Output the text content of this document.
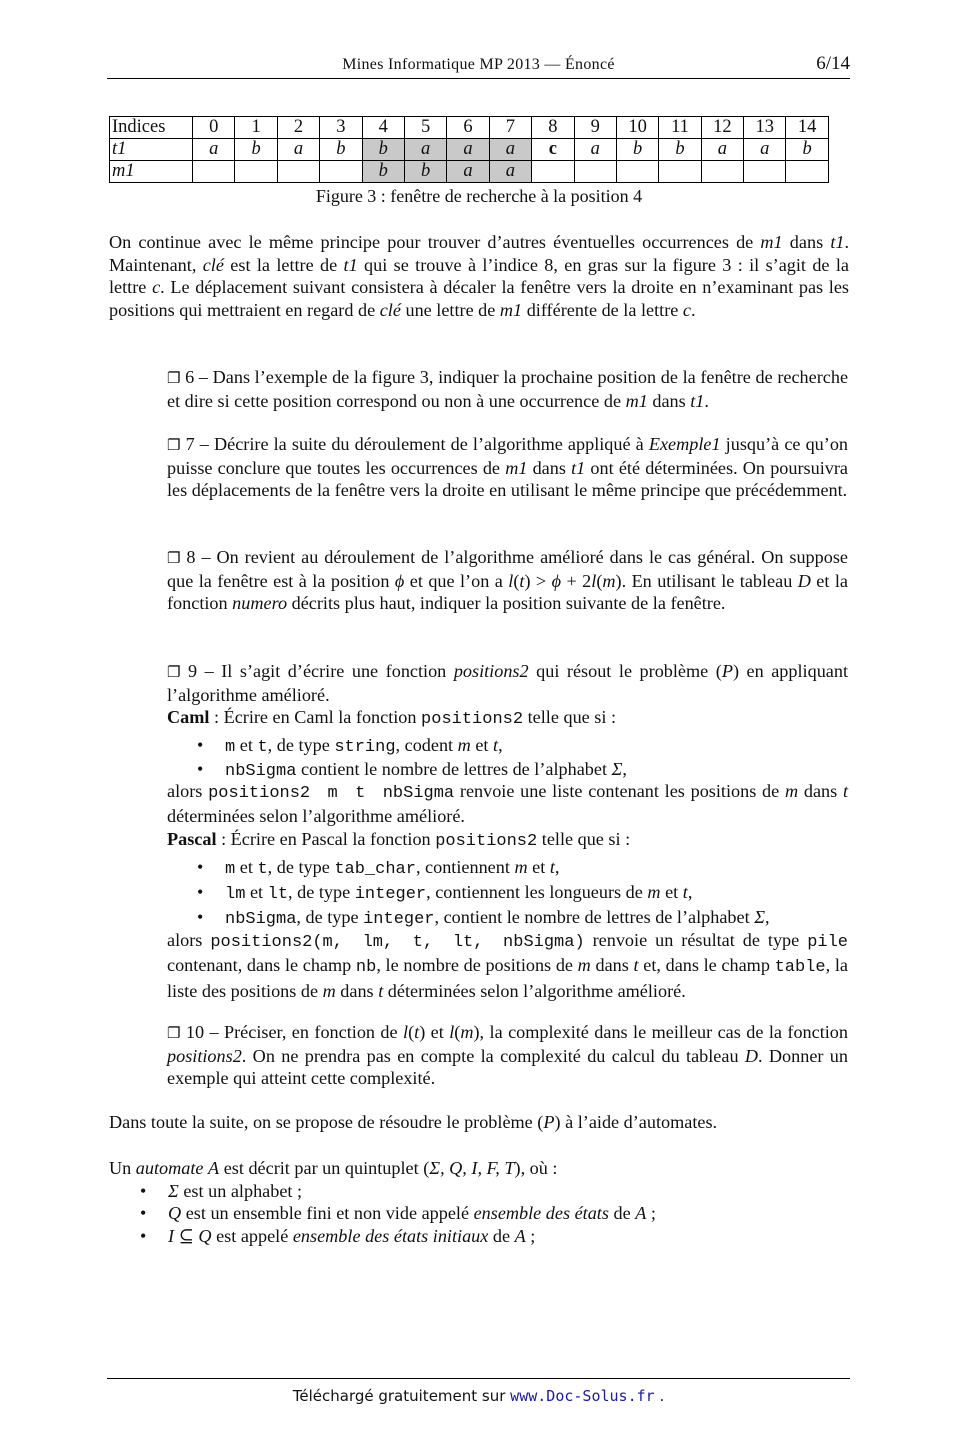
Mines Informatique MP 2013 — Énoncé	6/14
Indices	0	1	2	3	4	5	6	7	8	9	10	11	12	13	14
t1	a	b	a	b	b	a	a	a	c	a	b	b	a	a	b
m1					b	b	a	a							
Figure 3 : fenêtre de recherche à la position 4
On continue avec le même principe pour trouver d’autres éventuelles occurrences de m1 dans t1. Maintenant, clé est la lettre de t1 qui se trouve à l’indice 8, en gras sur la figure 3 : il s’agit de la lettre c. Le déplacement suivant consistera à décaler la fenêtre vers la droite en n’examinant pas les positions qui mettraient en regard de clé une lettre de m1 différente de la lettre c.
❐ 6 – Dans l’exemple de la figure 3, indiquer la prochaine position de la fenêtre de recherche et dire si cette position correspond ou non à une occurrence de m1 dans t1.
❐ 7 – Décrire la suite du déroulement de l’algorithme appliqué à Exemple1 jusqu’à ce qu’on puisse conclure que toutes les occurrences de m1 dans t1 ont été déterminées. On poursuivra les déplacements de la fenêtre vers la droite en utilisant le même principe que précédemment.
❐ 8 – On revient au déroulement de l’algorithme amélioré dans le cas général. On suppose que la fenêtre est à la position ϕ et que l’on a l(t) > ϕ + 2l(m). En utilisant le tableau D et la fonction numero décrits plus haut, indiquer la position suivante de la fenêtre.
❐ 9 – Il s’agit d’écrire une fonction positions2 qui résout le problème (P) en appliquant l’algorithme amélioré.
Caml : Écrire en Caml la fonction positions2 telle que si :
• m et t, de type string, codent m et t,
• nbSigma contient le nombre de lettres de l’alphabet Σ,
alors positions2 m t nbSigma renvoie une liste contenant les positions de m dans t déterminées selon l’algorithme amélioré.
Pascal : Écrire en Pascal la fonction positions2 telle que si :
• m et t, de type tab_char, contiennent m et t,
• lm et lt, de type integer, contiennent les longueurs de m et t,
• nbSigma, de type integer, contient le nombre de lettres de l’alphabet Σ,
alors positions2(m, lm, t, lt, nbSigma) renvoie un résultat de type pile contenant, dans le champ nb, le nombre de positions de m dans t et, dans le champ table, la liste des positions de m dans t déterminées selon l’algorithme amélioré.
❐ 10 – Préciser, en fonction de l(t) et l(m), la complexité dans le meilleur cas de la fonction positions2. On ne prendra pas en compte la complexité du calcul du tableau D. Donner un exemple qui atteint cette complexité.
Dans toute la suite, on se propose de résoudre le problème (P) à l’aide d’automates.
Un automate A est décrit par un quintuplet (Σ, Q, I, F, T), où :
• Σ est un alphabet ;
• Q est un ensemble fini et non vide appelé ensemble des états de A ;
• I ⊆ Q est appelé ensemble des états initiaux de A ;
Téléchargé gratuitement sur www.Doc-Solus.fr .
